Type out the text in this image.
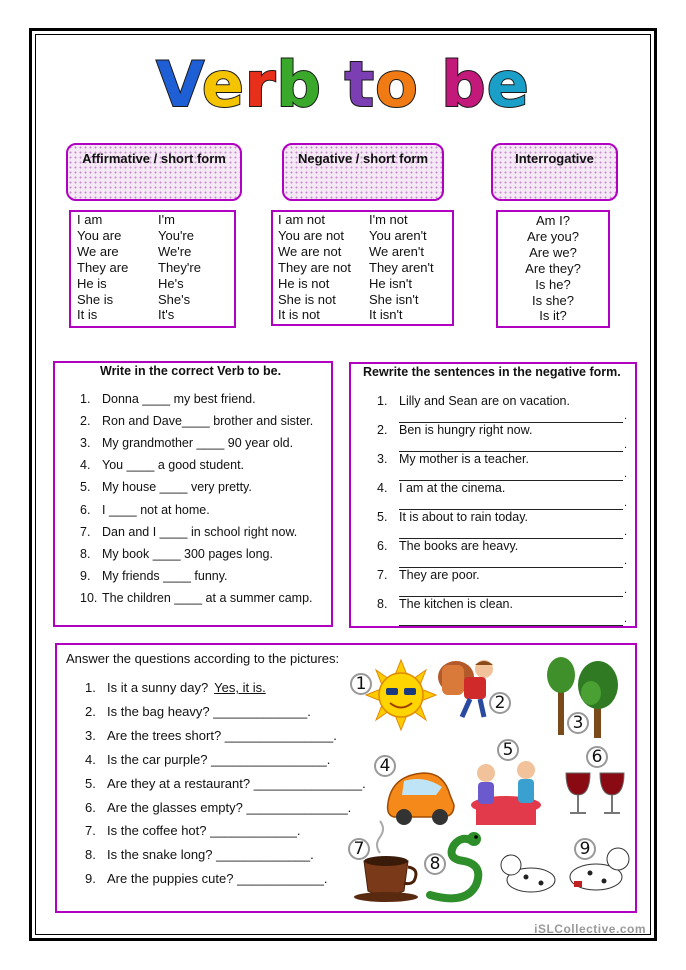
Verb to be
Affirmative / short form	Negative / short form	Interrogative
I am	I'm	I am not	I'm not	Am I?
You are	You're	You are not You aren't	Are you?
We are	We're	We are not We aren't	Are we?
They are They're	They are not They aren't	Are they?
He is	He's	He is not	He isn't	Is he?
She is	She's	She is not	She isn't	Is she?
It is	It's	It is not	It isn't	Is it?
Write in the correct Verb to be.
1. Donna ____ my best friend.
2. Ron and Dave____ brother and sister.
3. My grandmother ____ 90 year old.
4. You ____ a good student.
5. My house ____ very pretty.
6. I ____ not at home.
7. Dan and I ____ in school right now.
8. My book ____ 300 pages long.
9. My friends ____ funny.
10. The children ____ at a summer camp.
Rewrite the sentences in the negative form.
1. Lilly and Sean are on vacation.
.
2. Ben is hungry right now.
.
3. My mother is a teacher.
.
4. I am at the cinema.
.
5. It is about to rain today.
.
6. The books are heavy.
.
7. They are poor.
.
8. The kitchen is clean.
.
Answer the questions according to the pictures:
1. Is it a sunny day? Yes, it is.
2. Is the bag heavy? _____________.
3. Are the trees short? _______________.
4. Is the car purple? ________________.
5. Are they at a restaurant? _______________.
6. Are the glasses empty? ______________.
7. Is the coffee hot? ____________.
8. Is the snake long? _____________.
9. Are the puppies cute? ____________.
1
2
3
4
5	6
7
8
9
iSLCollective.com
